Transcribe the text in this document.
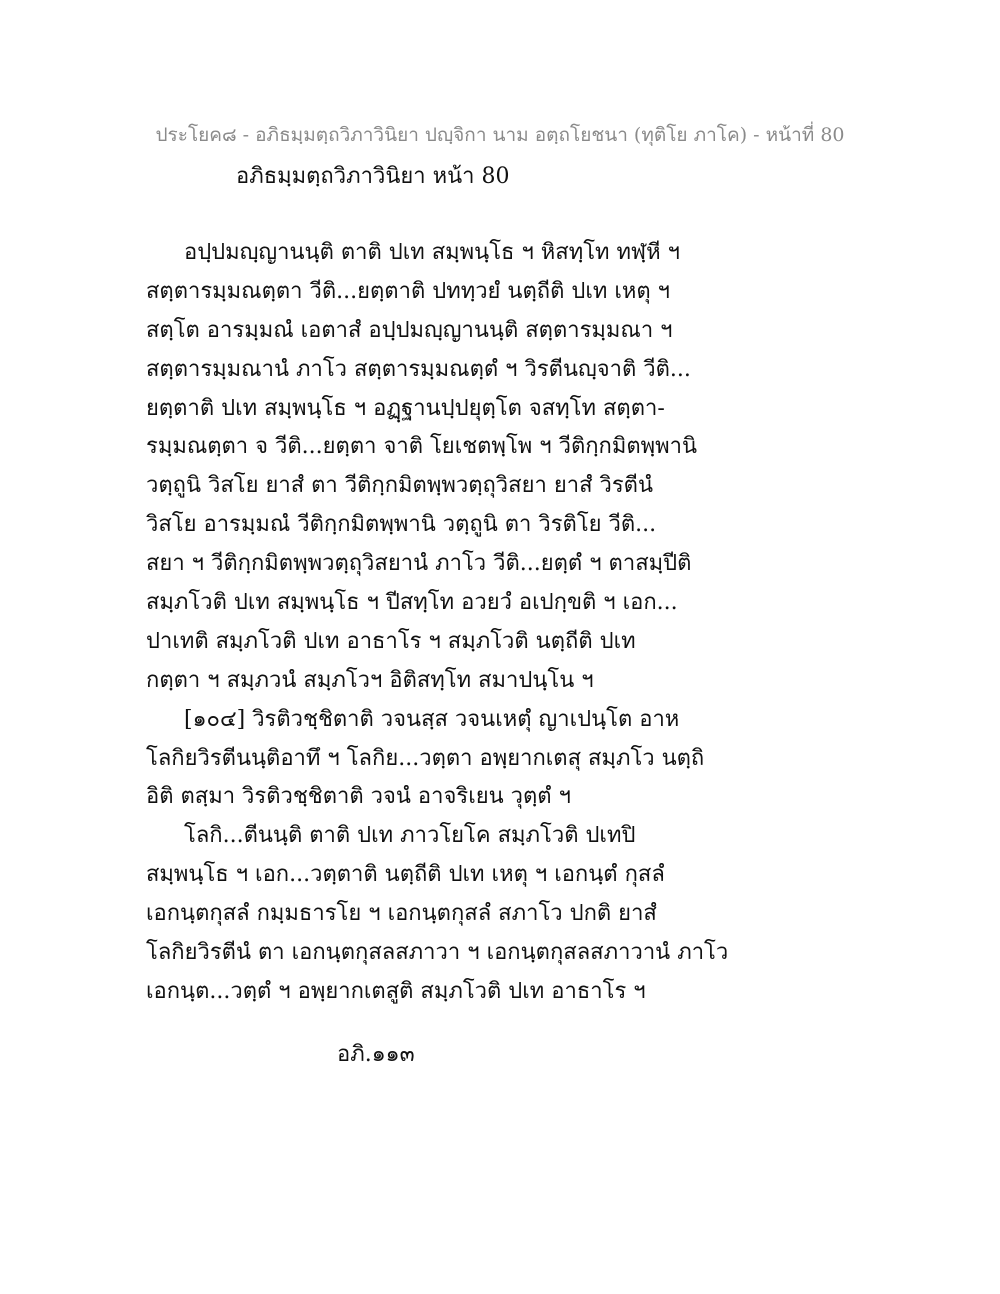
ประโยค๘ - อภิธมฺมตฺถวิภาวินิยา ปญฺจิกา นาม อตฺถโยชนา (ทุติโย ภาโค) - หน้าที่ 80
อภิธมฺมตฺถวิภาวินิยา หน้า 80
อปฺปมญฺญานนฺติ ตาติ ปเท สมฺพนฺโธ ฯ หิสทฺโท ทฬฺหี ฯ
สตฺตารมฺมณตฺตา วีติ...ยตฺตาติ ปททฺวยํ นตฺถีติ ปเท เหตุ ฯ
สตฺโต อารมฺมณํ เอตาสํ อปฺปมญฺญานนฺติ สตฺตารมฺมณา ฯ
สตฺตารมฺมณานํ ภาโว สตฺตารมฺมณตฺตํ ฯ วิรตีนญฺจาติ วีติ...
ยตฺตาติ ปเท สมฺพนฺโธ ฯ อฏฺฐานปฺปยุตฺโต จสทฺโท สตฺตา-
รมฺมณตฺตา จ วีติ...ยตฺตา จาติ โยเชตพฺโพ ฯ วีติกฺกมิตพฺพานิ
วตฺถูนิ วิสโย ยาสํ ตา วีติกฺกมิตพฺพวตฺถุวิสยา ยาสํ วิรตีนํ
วิสโย อารมฺมณํ วีติกฺกมิตพฺพานิ วตฺถูนิ ตา วิรติโย วีติ...
สยา ฯ วีติกฺกมิตพฺพวตฺถุวิสยานํ ภาโว วีติ...ยตฺตํ ฯ ตาสมฺปีติ
สมฺภโวติ ปเท สมฺพนฺโธ ฯ ปีสทฺโท อวยวํ อเปกฺขติ ฯ เอก...
ปาเทติ สมฺภโวติ ปเท อาธาโร ฯ สมฺภโวติ นตฺถีติ ปเท
กตฺตา ฯ สมฺภวนํ สมฺภโวฯ อิติสทฺโท สมาปนฺโน ฯ
[๑๐๔] วิรติวชฺชิตาติ วจนสฺส วจนเหตุํ ญาเปนฺโต อาห
โลกิยวิรตีนนฺติอาทึ ฯ โลกิย...วตฺตา อพฺยากเตสุ สมฺภโว นตฺถิ
อิติ ตสฺมา วิรติวชฺชิตาติ วจนํ อาจริเยน วุตฺตํ ฯ
โลกิ...ตีนนฺติ ตาติ ปเท ภาวโยโค สมฺภโวติ ปเทปิ
สมฺพนฺโธ ฯ เอก...วตฺตาติ นตฺถีติ ปเท เหตุ ฯ เอกนฺตํ กุสลํ
เอกนฺตกุสลํ กมฺมธารโย ฯ เอกนฺตกุสลํ สภาโว ปกติ ยาสํ
โลกิยวิรตีนํ ตา เอกนฺตกุสลสภาวา ฯ เอกนฺตกุสลสภาวานํ ภาโว
เอกนฺต...วตฺตํ ฯ อพฺยากเตสูติ สมฺภโวติ ปเท อาธาโร ฯ
อภิ.๑๑๓
